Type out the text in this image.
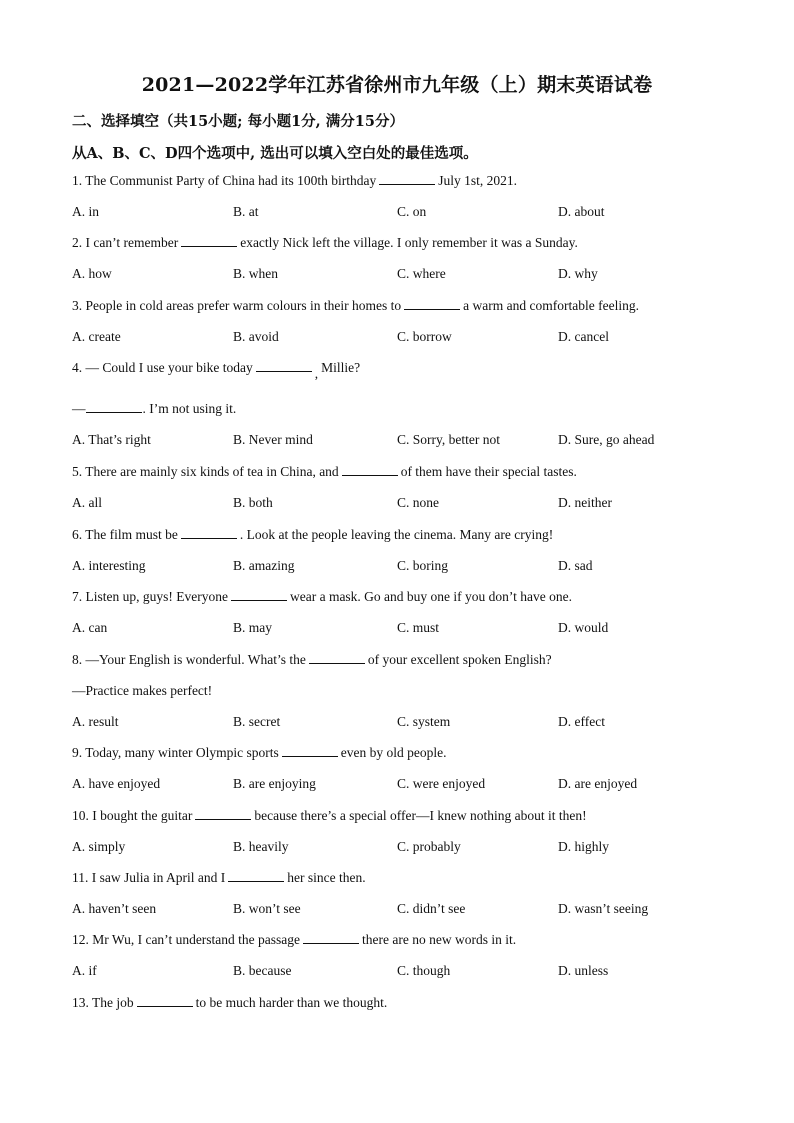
2021—2022学年江苏省徐州市九年级（上）期末英语试卷
二、选择填空（共15小题; 每小题1分, 满分15分）
从A、B、C、D四个选项中, 选出可以填入空白处的最佳选项。
1. The Communist Party of China had its 100th birthday	July 1st, 2021.
A. in	B. at	C. on	D. about
2. I can’t remember	exactly Nick left the village. I only remember it was a Sunday.
A. how	B. when	C. where	D. why
3. People in cold areas prefer warm colours in their homes to	a warm and comfortable feeling.
A. create	B. avoid	C. borrow	D. cancel
4. — Could I use your bike today	, Millie?
—	. I’m not using it.
A. That’s right	B. Never mind	C. Sorry, better not	D. Sure, go ahead
5. There are mainly six kinds of tea in China, and	of them have their special tastes.
A. all	B. both	C. none	D. neither
6. The film must be	. Look at the people leaving the cinema. Many are crying!
A. interesting	B. amazing	C. boring	D. sad
7. Listen up, guys! Everyone	wear a mask. Go and buy one if you don’t have one.
A. can	B. may	C. must	D. would
8. —Your English is wonderful. What’s the	of your excellent spoken English?
—Practice makes perfect!
A. result	B. secret	C. system	D. effect
9. Today, many winter Olympic sports	even by old people.
A. have enjoyed	B. are enjoying	C. were enjoyed	D. are enjoyed
10. I bought the guitar	because there’s a special offer—I knew nothing about it then!
A. simply	B. heavily	C. probably	D. highly
11. I saw Julia in April and I	her since then.
A. haven’t seen	B. won’t see	C. didn’t see	D. wasn’t seeing
12. Mr Wu, I can’t understand the passage	there are no new words in it.
A. if	B. because	C. though	D. unless
13. The job	to be much harder than we thought.
